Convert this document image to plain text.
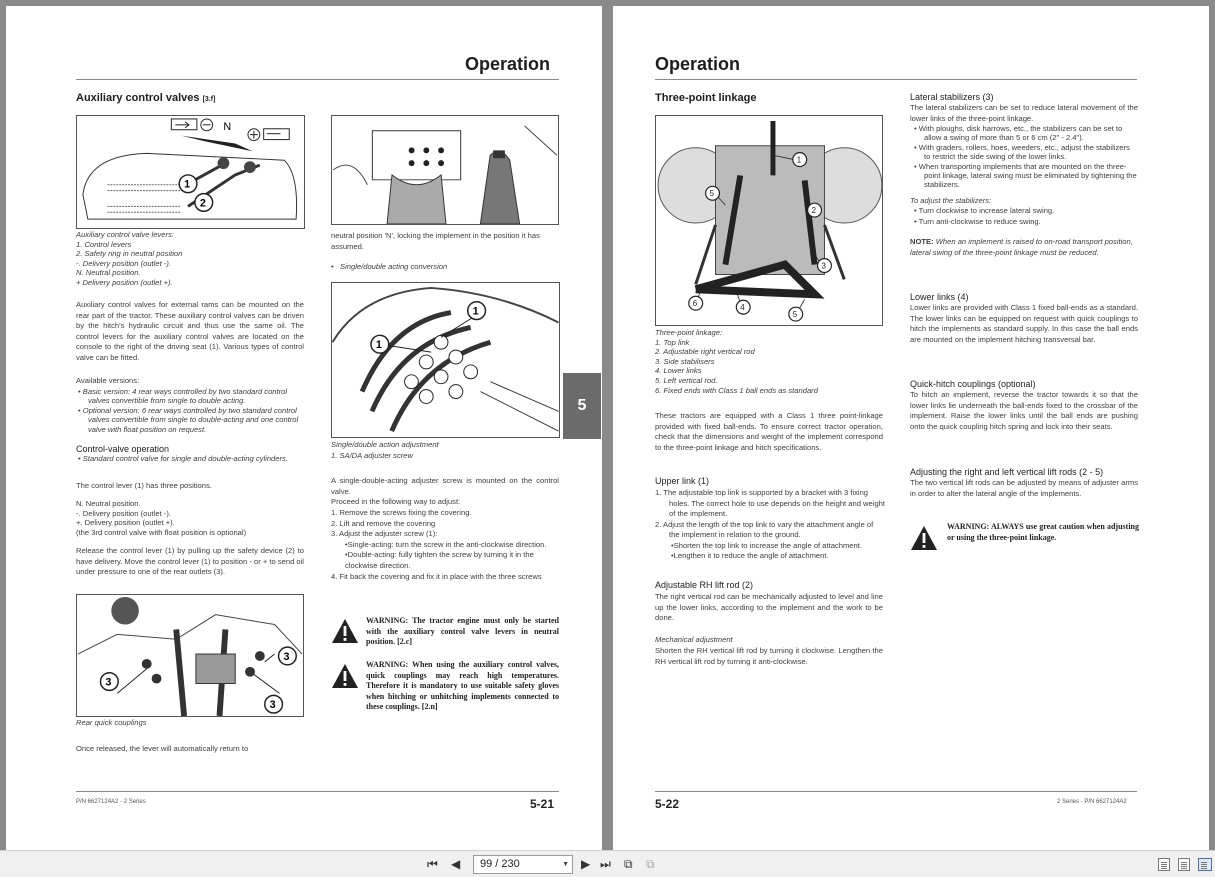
Operation
Auxiliary control valves [3.f]
N
1
2
Auxiliary control valve levers:
1. Control levers
2. Safety ring in neutral position
-. Delivery position (outlet -).
N. Neutral position.
+ Delivery position (outlet +).
Auxiliary control valves for external rams can be mounted on the rear part of the tractor. These auxiliary control valves can be driven by the hitch's hydraulic circuit and thus use the same oil. The control levers for the auxiliary control valves are located on the console to the right of the driving seat (1). Various types of control valve can be fitted.
Available versions:
• Basic version: 4 rear ways controlled by two standard control valves convertible from single to double acting.
• Optional version: 6 rear ways controlled by two standard control valves convertible from single to double-acting and one control valve with float position on request.
Control-valve operation
• Standard control valve for single and double-acting cylinders.
The control lever (1) has three positions.
N. Neutral position.
-. Delivery position (outlet -).
+. Delivery position (outlet +).
(the 3rd control valve with float position is optional)
Release the control lever (1) by pulling up the safety device (2) to have delivery. Move the control lever (1) to position - or + to send oil under pressure to one of the rear outlets (3).
3
3
3
Rear quick couplings
Once released, the lever will automatically return to
neutral position 'N', locking the implement in the position it has assumed.
•   Single/double acting conversion
1
1
Single/double action adjustment
1. SA/DA adjuster screw
A single-double-acting adjuster screw is mounted on the control valve.
Proceed in the following way to adjust:
1. Remove the screws fixing the covering.
2. Lift and remove the covering
3. Adjust the adjuster screw (1):
•Single-acting: turn the screw in the anti-clockwise direction.
•Double-acting: fully tighten the screw by turning it in the clockwise direction.
4. Fit back the covering and fix it in place with the three screws
WARNING: The tractor engine must only be started with the auxiliary control valve levers in neutral position. [2.c]
WARNING: When using the auxiliary control valves, quick couplings may reach high temperatures. Therefore it is mandatory to use suitable safety gloves when hitching or unhitching implements connected to these couplings. [2.n]
P/N 6627124A2 - 2 Series	5-21
5
Operation
Three-point linkage
1
2
3
4
5
6
5
Three-point linkage:
1. Top link
2. Adjustable right vertical rod
3. Side stabilisers
4. Lower links
5. Left vertical rod.
6. Fixed ends with Class 1 ball ends as standard
These tractors are equipped with a Class 1 three point-linkage provided with fixed ball-ends. To ensure correct tractor operation, check that the dimensions and weight of the implement correspond to the three-point linkage and hitch specifications.
Upper link (1)
1. The adjustable top link is supported by a bracket with 3 fixing holes. The correct hole to use depends on the height and weight of the implement.
2. Adjust the length of the top link to vary the attachment angle of the implement in relation to the ground.
•Shorten the top link to increase the angle of attachment.
•Lengthen it to reduce the angle of attachment.
Adjustable RH lift rod (2)
The right vertical rod can be mechanically adjusted to level and line up the lower links, according to the implement and the work to be done.
Mechanical adjustment
Shorten the RH vertical lift rod by turning it clockwise. Lengthen the RH vertical lift rod by turning it anti-clockwise.
Lateral stabilizers (3)
The lateral stabilizers can be set to reduce lateral movement of the lower links of the three-point linkage.
• With ploughs, disk harrows, etc., the stabilizers can be set to allow a swing of more than 5 or 6 cm (2" - 2.4").
• With graders, rollers, hoes, weeders, etc., adjust the stabilizers to restrict the side swing of the lower links.
• When transporting implements that are mounted on the three-point linkage, lateral swing must be eliminated by tightening the stabilizers.
To adjust the stabilizers:
• Turn clockwise to increase lateral swing.
• Turn anti-clockwise to reduce swing.
NOTE: When an implement is raised to on-road transport position, lateral swing of the three-point linkage must be reduced.
Lower links (4)
Lower links are provided with Class 1 fixed ball-ends as a standard. The lower links can be equipped on request with quick couplings to hitch the implements as standard supply. In this case the ball ends are mounted on the implement hitching transversal bar.
Quick-hitch couplings (optional)
To hitch an implement, reverse the tractor towards it so that the lower links lie underneath the ball-ends fixed to the crossbar of the implement. Raise the lower links until the ball ends are pushing onto the quick coupling hitch spring and lock into their seats.
Adjusting the right and left vertical lift rods (2 - 5)
The two vertical lift rods can be adjusted by means of adjuster arms in order to alter the lateral angle of the implements.
WARNING: ALWAYS use great caution when adjusting or using the three-point linkage.
5-22	2 Series - P/N 6627124A2
⏮ ◀	99 / 230	▼ ▶ ⏭ ⧉ ⧉
